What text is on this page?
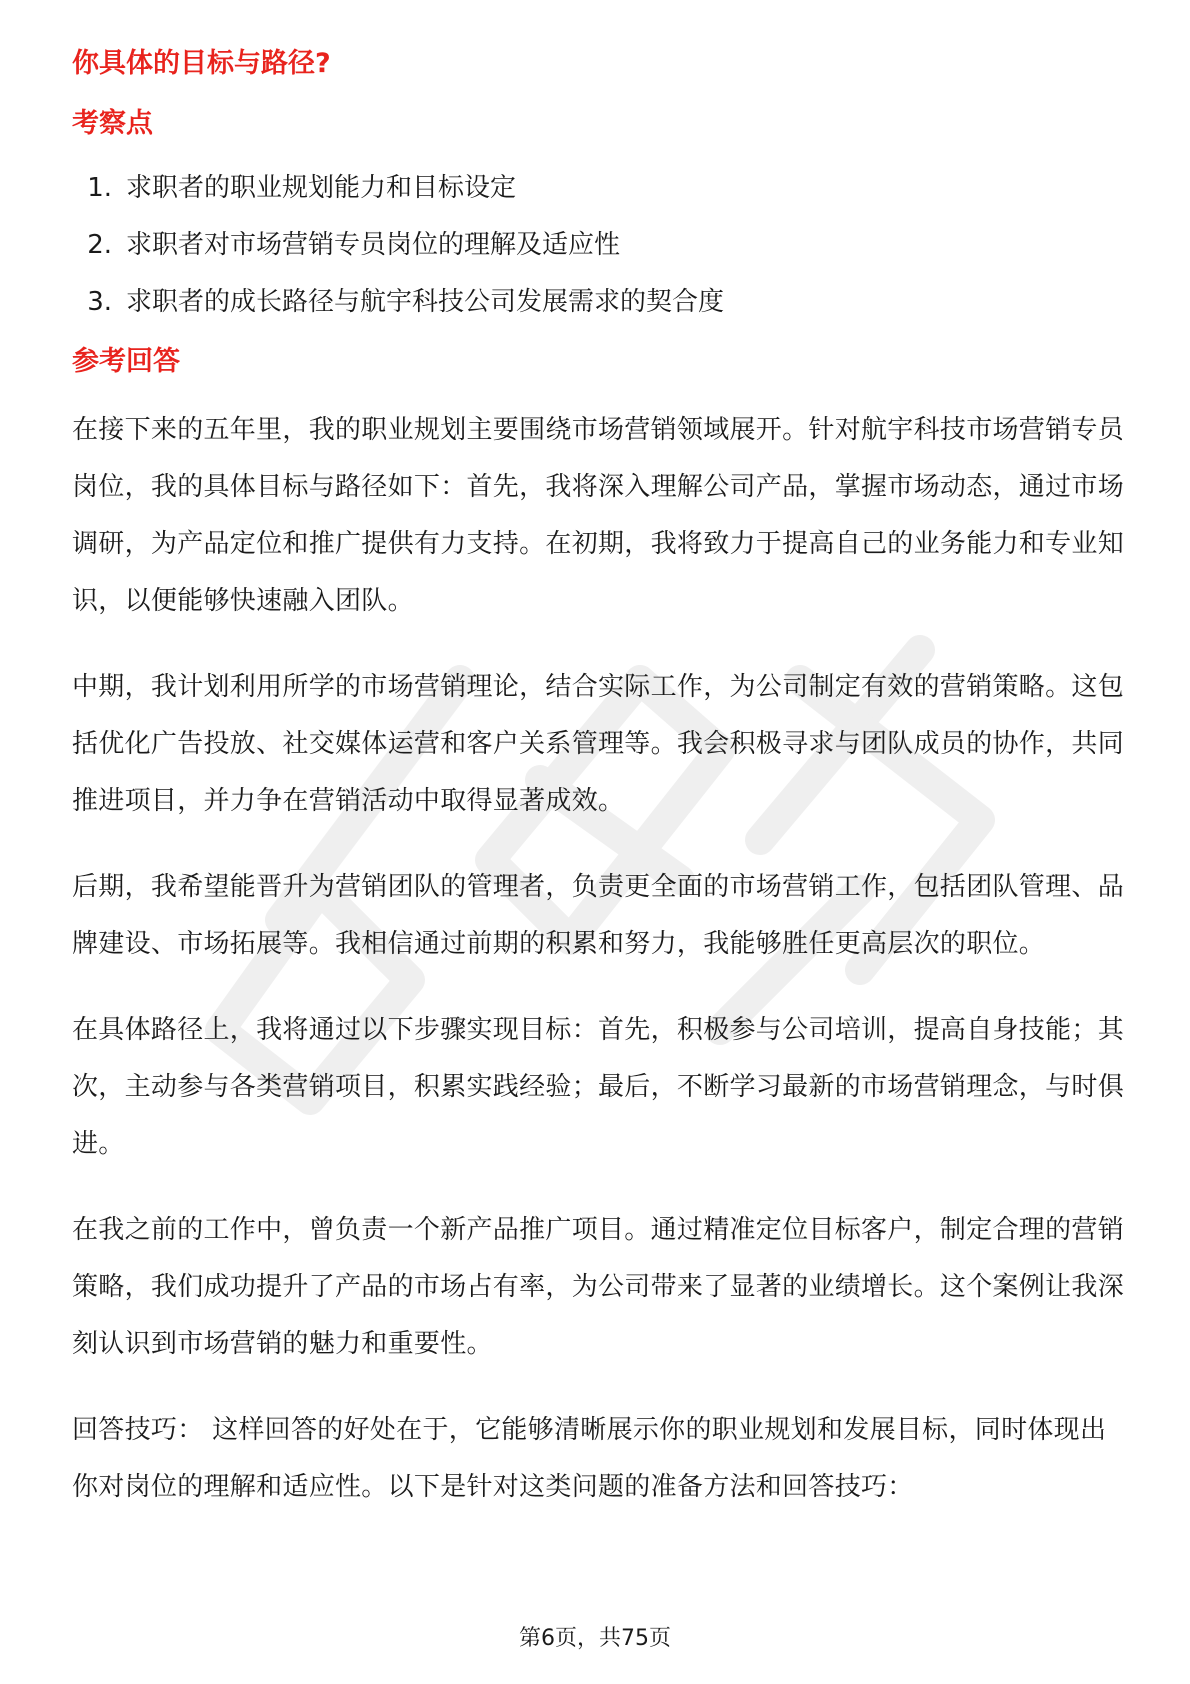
你具体的目标与路径?
考察点
1. 求职者的职业规划能力和目标设定
2. 求职者对市场营销专员岗位的理解及适应性
3. 求职者的成长路径与航宇科技公司发展需求的契合度
参考回答

在接下来的五年里，我的职业规划主要围绕市场营销领域展开。针对航宇科技市场营销专员岗位，我的具体目标与路径如下：首先，我将深入理解公司产品，掌握市场动态，通过市场调研，为产品定位和推广提供有力支持。在初期，我将致力于提高自己的业务能力和专业知识，以便能够快速融入团队。

中期，我计划利用所学的市场营销理论，结合实际工作，为公司制定有效的营销策略。这包括优化广告投放、社交媒体运营和客户关系管理等。我会积极寻求与团队成员的协作，共同推进项目，并力争在营销活动中取得显著成效。

后期，我希望能晋升为营销团队的管理者，负责更全面的市场营销工作，包括团队管理、品牌建设、市场拓展等。我相信通过前期的积累和努力，我能够胜任更高层次的职位。

在具体路径上，我将通过以下步骤实现目标：首先，积极参与公司培训，提高自身技能；其次，主动参与各类营销项目，积累实践经验；最后，不断学习最新的市场营销理念，与时俱进。

在我之前的工作中，曾负责一个新产品推广项目。通过精准定位目标客户，制定合理的营销策略，我们成功提升了产品的市场占有率，为公司带来了显著的业绩增长。这个案例让我深刻认识到市场营销的魅力和重要性。

回答技巧： 这样回答的好处在于，它能够清晰展示你的职业规划和发展目标，同时体现出你对岗位的理解和适应性。以下是针对这类问题的准备方法和回答技巧：

第6页，共75页
